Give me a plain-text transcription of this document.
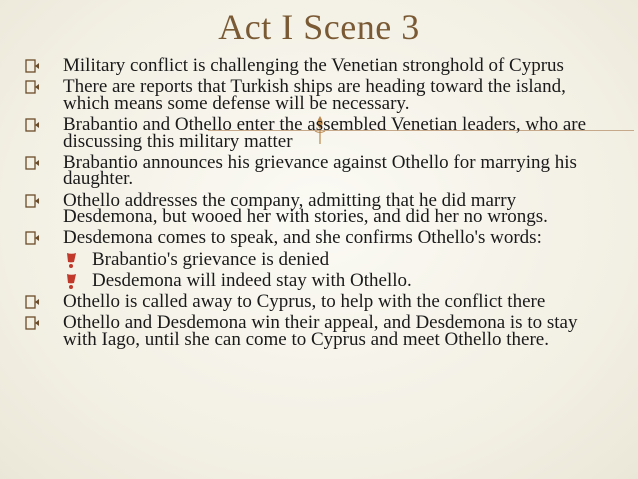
Act I Scene 3
Military conflict is challenging the Venetian stronghold of Cyprus
There are reports that Turkish ships are heading toward the island, which means some defense will be necessary.
Brabantio and Othello enter the assembled Venetian leaders, who are discussing this military matter
Brabantio announces his grievance against Othello for marrying his daughter.
Othello addresses the company, admitting that he did marry Desdemona, but wooed her with stories, and did her no wrongs.
Desdemona comes to speak, and she confirms Othello's words:
Brabantio's grievance is denied
Desdemona will indeed stay with Othello.
Othello is called away to Cyprus, to help with the conflict there
Othello and Desdemona win their appeal, and Desdemona is to stay with Iago, until she can come to Cyprus and meet Othello there.
